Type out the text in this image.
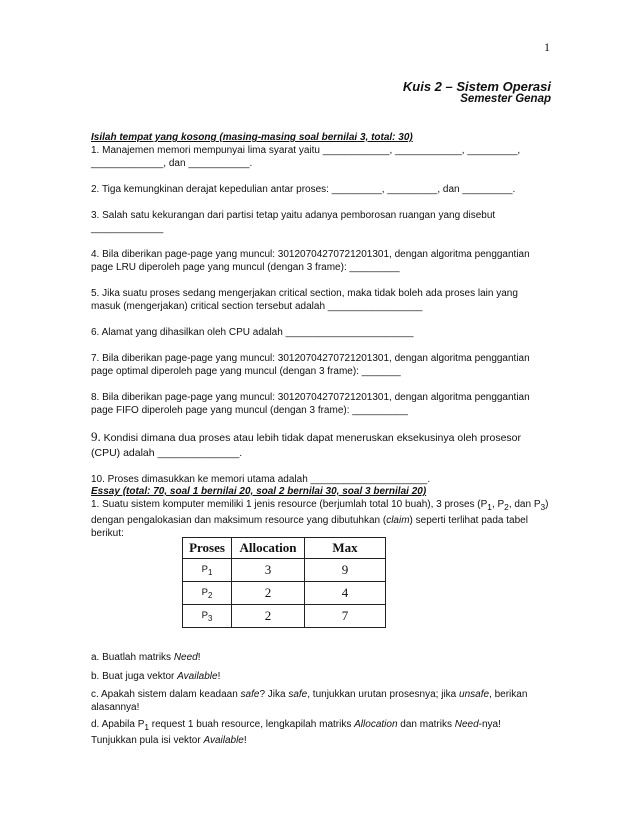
1
Kuis 2 – Sistem Operasi
Semester Genap
Isilah tempat yang kosong (masing-masing soal bernilai 3, total: 30)
1. Manajemen memori mempunyai lima syarat yaitu ____________, ____________, _________, _____________, dan ___________.
2. Tiga kemungkinan derajat kepedulian antar proses: _________, _________, dan _________.
3. Salah satu kekurangan dari partisi tetap yaitu adanya pemborosan ruangan yang disebut _____________
4. Bila diberikan page-page yang muncul: 30120704270721201301, dengan algoritma penggantian page LRU diperoleh page yang muncul (dengan 3 frame): _________
5. Jika suatu proses sedang mengerjakan critical section, maka tidak boleh ada proses lain yang masuk (mengerjakan) critical section tersebut adalah _________________
6. Alamat yang dihasilkan oleh CPU adalah _______________________
7. Bila diberikan page-page yang muncul: 30120704270721201301, dengan algoritma penggantian page optimal diperoleh page yang muncul (dengan 3 frame): _______
8. Bila diberikan page-page yang muncul: 30120704270721201301, dengan algoritma penggantian page FIFO diperoleh page yang muncul (dengan 3 frame): __________
9. Kondisi dimana dua proses atau lebih tidak dapat meneruskan eksekusinya oleh prosesor (CPU) adalah ______________.
10. Proses dimasukkan ke memori utama adalah _____________________.
Essay (total: 70, soal 1 bernilai 20, soal 2 bernilai 30, soal 3 bernilai 20)
1. Suatu sistem komputer memiliki 1 jenis resource (berjumlah total 10 buah), 3 proses ($P_1$, $P_2$, dan $P_3$) dengan pengalokasian dan maksimum resource yang dibutuhkan (claim) seperti terlihat pada tabel berikut:
Proses	Allocation	Max
$P_1$	3	9
$P_2$	2	4
$P_3$	2	7
a. Buatlah matriks Need!
b. Buat juga vektor Available!
c. Apakah sistem dalam keadaan safe? Jika safe, tunjukkan urutan prosesnya; jika unsafe, berikan alasannya!
d. Apabila $P_1$ request 1 buah resource, lengkapilah matriks Allocation dan matriks Need-nya! Tunjukkan pula isi vektor Available!
